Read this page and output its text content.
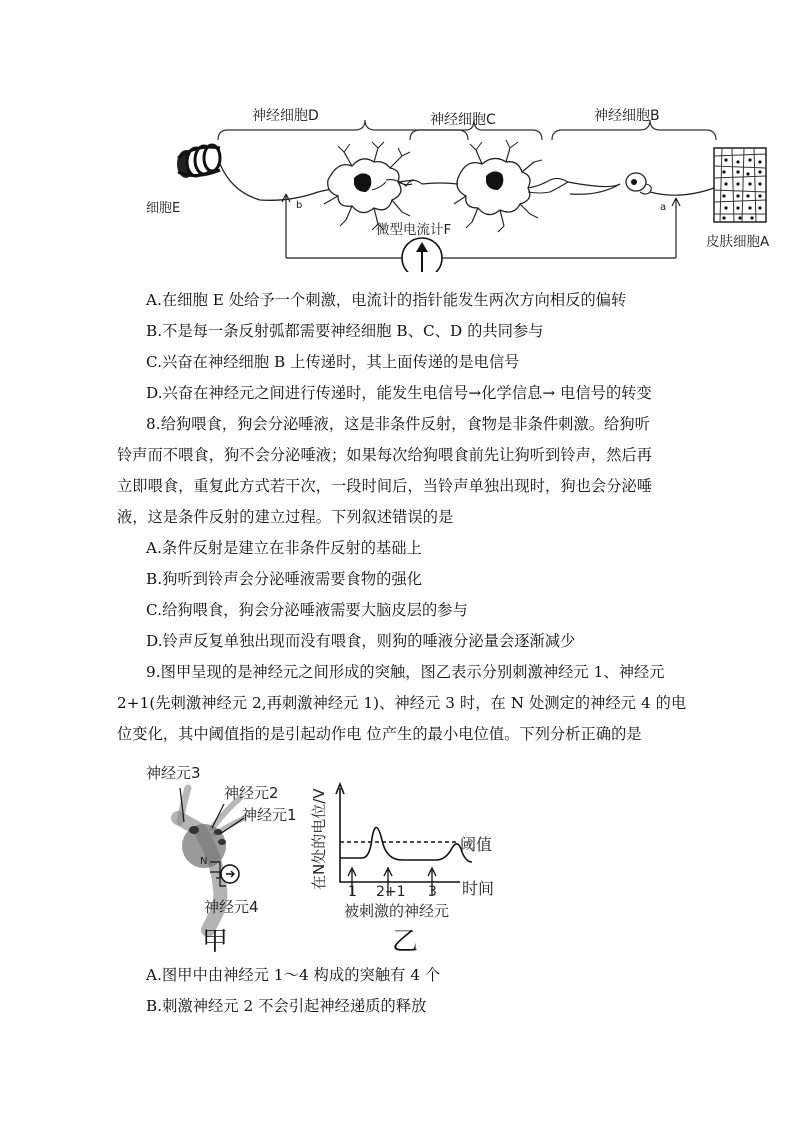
神经细胞D	神经细胞C	神经细胞B
细胞E
皮肤细胞A
b	a
微型电流计F
A.在细胞 E 处给予一个刺激，电流计的指针能发生两次方向相反的偏转
B.不是每一条反射弧都需要神经细胞 B、C、D 的共同参与
C.兴奋在神经细胞 B 上传递时，其上面传递的是电信号
D.兴奋在神经元之间进行传递时，能发生电信号→化学信息→ 电信号的转变
8.给狗喂食，狗会分泌唾液，这是非条件反射，食物是非条件刺激。给狗听
铃声而不喂食，狗不会分泌唾液；如果每次给狗喂食前先让狗听到铃声，然后再
立即喂食，重复此方式若干次，一段时间后，当铃声单独出现时，狗也会分泌唾
液，这是条件反射的建立过程。下列叙述错误的是
A.条件反射是建立在非条件反射的基础上
B.狗听到铃声会分泌唾液需要食物的强化
C.给狗喂食，狗会分泌唾液需要大脑皮层的参与
D.铃声反复单独出现而没有喂食，则狗的唾液分泌量会逐渐减少
9.图甲呈现的是神经元之间形成的突触，图乙表示分别刺激神经元 1、神经元
2+1(先刺激神经元 2,再刺激神经元 1)、神经元 3 时，在 N 处测定的神经元 4 的电
位变化，其中阈值指的是引起动作电 位产生的最小电位值。下列分析正确的是
神经元3
神经元2
神经元1
N
神经元4
甲
在N处的电位/V	阈值
时间
1 2+1 3
被刺激的神经元
乙
A.图甲中由神经元 1～4 构成的突触有 4 个
B.刺激神经元 2 不会引起神经递质的释放
